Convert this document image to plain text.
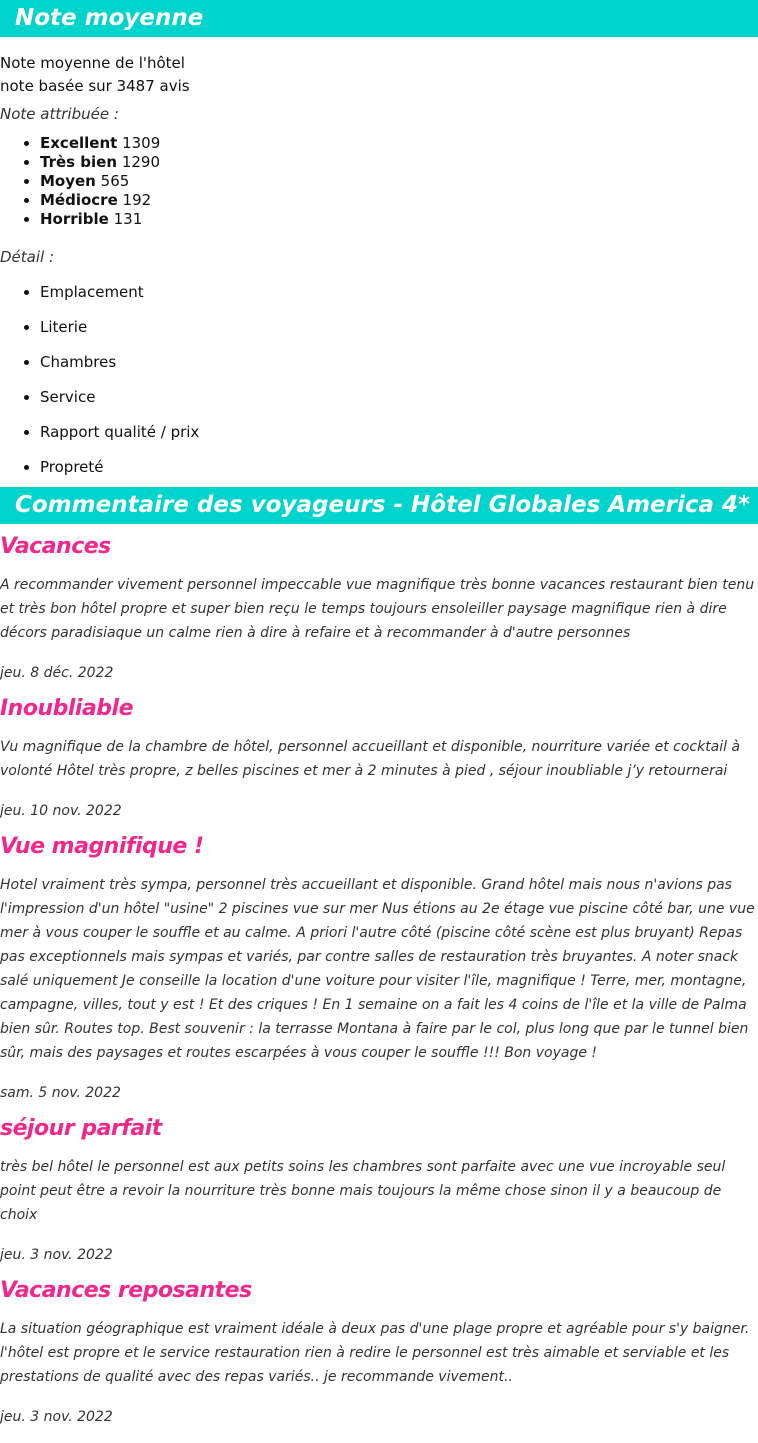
Note moyenne

Note moyenne de l'hôtel

note basée sur 3487 avis

Note attribuée :

• Excellent 1309
• Très bien 1290
• Moyen 565
• Médiocre 192
• Horrible 131

Détail :

• Emplacement
• Literie
• Chambres
• Service
• Rapport qualité / prix
• Propreté
Commentaire des voyageurs - Hôtel Globales America 4*
Vacances

A recommander vivement personnel impeccable vue magnifique très bonne vacances restaurant bien tenu et très bon hôtel propre et super bien reçu le temps toujours ensoleiller paysage magnifique rien à dire décors paradisiaque un calme rien à dire à refaire et à recommander à d'autre personnes

jeu. 8 déc. 2022

Inoubliable

Vu magnifique de la chambre de hôtel, personnel accueillant et disponible, nourriture variée et cocktail à volonté Hôtel très propre, z belles piscines et mer à 2 minutes à pied , séjour inoubliable j’y retournerai

jeu. 10 nov. 2022

Vue magnifique !

Hotel vraiment très sympa, personnel très accueillant et disponible. Grand hôtel mais nous n'avions pas l'impression d'un hôtel "usine" 2 piscines vue sur mer Nus étions au 2e étage vue piscine côté bar, une vue mer à vous couper le souffle et au calme. A priori l'autre côté (piscine côté scène est plus bruyant) Repas pas exceptionnels mais sympas et variés, par contre salles de restauration très bruyantes. A noter snack salé uniquement Je conseille la location d'une voiture pour visiter l'île, magnifique ! Terre, mer, montagne, campagne, villes, tout y est ! Et des criques ! En 1 semaine on a fait les 4 coins de l'île et la ville de Palma bien sûr. Routes top. Best souvenir : la terrasse Montana à faire par le col, plus long que par le tunnel bien sûr, mais des paysages et routes escarpées à vous couper le souffle !!! Bon voyage !

sam. 5 nov. 2022

séjour parfait

très bel hôtel le personnel est aux petits soins les chambres sont parfaite avec une vue incroyable seul point peut être a revoir la nourriture très bonne mais toujours la même chose sinon il y a beaucoup de choix

jeu. 3 nov. 2022

Vacances reposantes

La situation géographique est vraiment idéale à deux pas d'une plage propre et agréable pour s'y baigner. l'hôtel est propre et le service restauration rien à redire le personnel est très aimable et serviable et les prestations de qualité avec des repas variés.. je recommande vivement..

jeu. 3 nov. 2022
